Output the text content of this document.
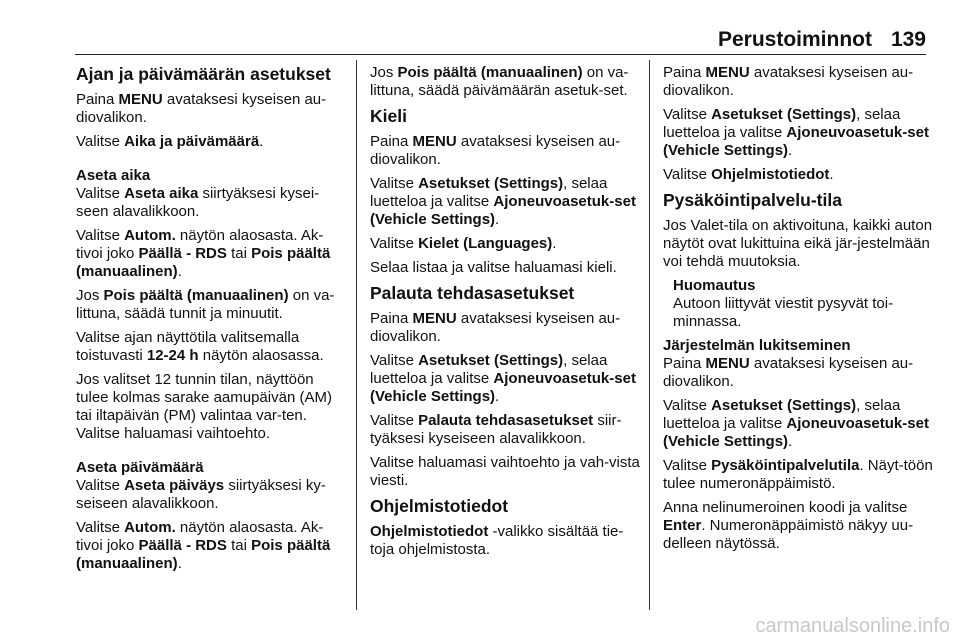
Perustoiminnot 139
Ajan ja päivämäärän asetukset

Paina MENU avataksesi kyseisen au-diovalikon.

Valitse Aika ja päivämäärä.

Aseta aika

Valitse Aseta aika siirtyäksesi kysei-seen alavalikkoon.

Valitse Autom. näytön alaosasta. Ak-tivoi joko Päällä - RDS tai Pois päältä (manuaalinen).

Jos Pois päältä (manuaalinen) on va-littuna, säädä tunnit ja minuutit.

Valitse ajan näyttötila valitsemalla toistuvasti 12-24 h näytön alaosassa.

Jos valitset 12 tunnin tilan, näyttöön tulee kolmas sarake aamupäivän (AM) tai iltapäivän (PM) valintaa var-ten. Valitse haluamasi vaihtoehto.

Aseta päivämäärä

Valitse Aseta päiväys siirtyäksesi ky-seiseen alavalikkoon.

Valitse Autom. näytön alaosasta. Ak-tivoi joko Päällä - RDS tai Pois päältä (manuaalinen).

Jos Pois päältä (manuaalinen) on va-littuna, säädä päivämäärän asetuk-set.

Kieli

Paina MENU avataksesi kyseisen au-diovalikon.

Valitse Asetukset (Settings), selaa luetteloa ja valitse Ajoneuvoasetuk-set (Vehicle Settings).

Valitse Kielet (Languages).

Selaa listaa ja valitse haluamasi kieli.

Palauta tehdasasetukset

Paina MENU avataksesi kyseisen au-diovalikon.

Valitse Asetukset (Settings), selaa luetteloa ja valitse Ajoneuvoasetuk-set (Vehicle Settings).

Valitse Palauta tehdasasetukset siir-tyäksesi kyseiseen alavalikkoon.

Valitse haluamasi vaihtoehto ja vah-vista viesti.

Ohjelmistotiedot

Ohjelmistotiedot -valikko sisältää tie-toja ohjelmistosta.

Paina MENU avataksesi kyseisen au-diovalikon.

Valitse Asetukset (Settings), selaa luetteloa ja valitse Ajoneuvoasetuk-set (Vehicle Settings).

Valitse Ohjelmistotiedot.

Pysäköintipalvelu-tila

Jos Valet-tila on aktivoituna, kaikki auton näytöt ovat lukittuina eikä jär-jestelmään voi tehdä muutoksia.

Huomautus
Autoon liittyvät viestit pysyvät toi-minnassa.
Järjestelmän lukitseminen

Paina MENU avataksesi kyseisen au-diovalikon.

Valitse Asetukset (Settings), selaa luetteloa ja valitse Ajoneuvoasetuk-set (Vehicle Settings).

Valitse Pysäköintipalvelutila. Näyt-töön tulee numeronäppäimistö.

Anna nelinumeroinen koodi ja valitse Enter. Numeronäppäimistö näkyy uu-delleen näytössä.

carmanualsonline.info
